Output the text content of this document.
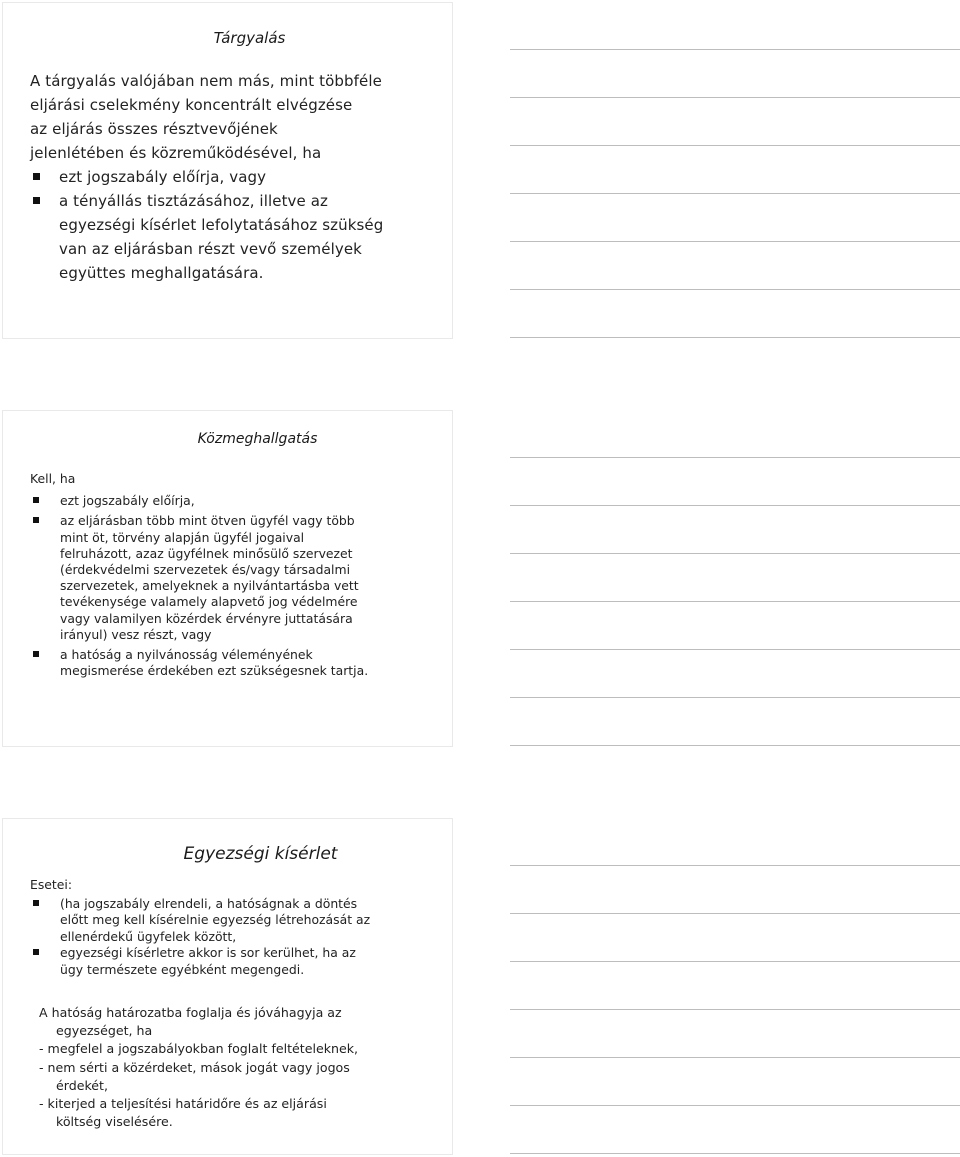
Tárgyalás

A tárgyalás valójában nem más, mint többféle

eljárási cselekmény koncentrált elvégzése

az eljárás összes résztvevőjének

jelenlétében és közreműködésével, ha

ezt jogszabály előírja, vagy

a tényállás tisztázásához, illetve az

egyezségi kísérlet lefolytatásához szükség

van az eljárásban részt vevő személyek

együttes meghallgatására.

Közmeghallgatás

Kell, ha

ezt jogszabály előírja,
az eljárásban több mint ötven ügyfél vagy több
mint öt, törvény alapján ügyfél jogaival
felruházott, azaz ügyfélnek minősülő szervezet
(érdekvédelmi szervezetek és/vagy társadalmi
szervezetek, amelyeknek a nyilvántartásba vett
tevékenysége valamely alapvető jog védelmére
vagy valamilyen közérdek érvényre juttatására
irányul) vesz részt, vagy
a hatóság a nyilvánosság véleményének
megismerése érdekében ezt szükségesnek tartja.
Egyezségi kísérlet

Esetei:

(ha jogszabály elrendeli, a hatóságnak a döntés
előtt meg kell kísérelnie egyezség létrehozását az
ellenérdekű ügyfelek között,
egyezségi kísérletre akkor is sor kerülhet, ha az
ügy természete egyébként megengedi.

A hatóság határozatba foglalja és jóváhagyja az

egyezséget, ha

- megfelel a jogszabályokban foglalt feltételeknek,

- nem sérti a közérdeket, mások jogát vagy jogos

érdekét,

- kiterjed a teljesítési határidőre és az eljárási

költség viselésére.
